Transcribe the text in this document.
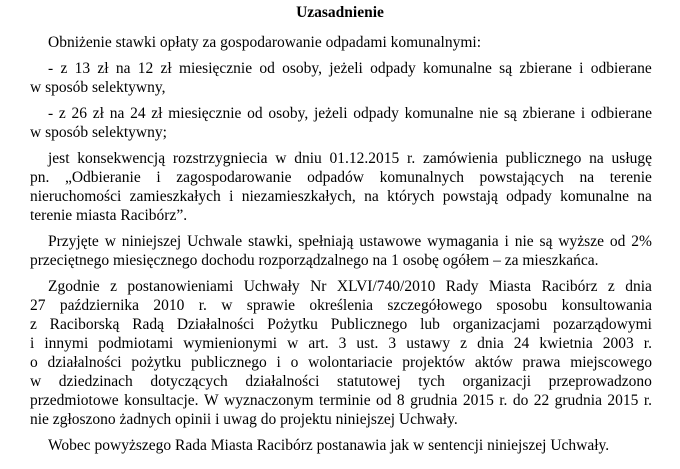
Uzasadnienie
Obniżenie stawki opłaty za gospodarowanie odpadami komunalnymi:
- z 13 zł na 12 zł miesięcznie od osoby, jeżeli odpady komunalne są zbierane i odbierane
w sposób selektywny,
- z 26 zł na 24 zł miesięcznie od osoby, jeżeli odpady komunalne nie są zbierane i odbierane
w sposób selektywny;
jest konsekwencją rozstrzygniecia w dniu 01.12.2015 r. zamówienia publicznego na usługę
pn. „Odbieranie i zagospodarowanie odpadów komunalnych powstających na terenie
nieruchomości zamieszkałych i niezamieszkałych, na których powstają odpady komunalne na
terenie miasta Racibórz”.
Przyjęte w niniejszej Uchwale stawki, spełniają ustawowe wymagania i nie są wyższe od 2%
przeciętnego miesięcznego dochodu rozporządzalnego na 1 osobę ogółem – za mieszkańca.
Zgodnie z postanowieniami Uchwały Nr XLVI/740/2010 Rady Miasta Racibórz z dnia
27 października 2010 r. w sprawie określenia szczegółowego sposobu konsultowania
z Raciborską Radą Działalności Pożytku Publicznego lub organizacjami pozarządowymi
i innymi podmiotami wymienionymi w art. 3 ust. 3 ustawy z dnia 24 kwietnia 2003 r.
o działalności pożytku publicznego i o wolontariacie projektów aktów prawa miejscowego
w dziedzinach dotyczących działalności statutowej tych organizacji przeprowadzono
przedmiotowe konsultacje. W wyznaczonym terminie od 8 grudnia 2015 r. do 22 grudnia 2015 r.
nie zgłoszono żadnych opinii i uwag do projektu niniejszej Uchwały.
Wobec powyższego Rada Miasta Racibórz postanawia jak w sentencji niniejszej Uchwały.
